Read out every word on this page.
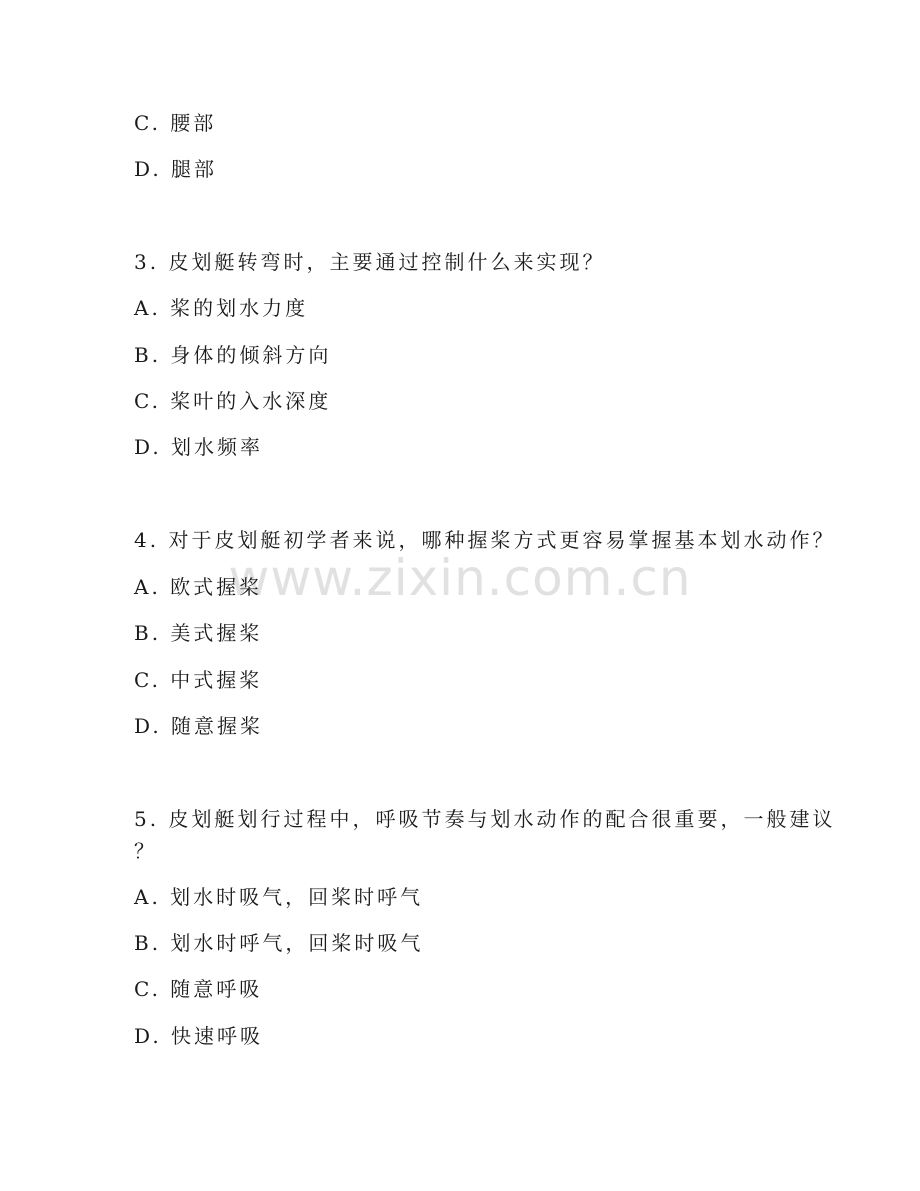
www.zixin.com.cn
C. 腰部
D. 腿部
3. 皮划艇转弯时，主要通过控制什么来实现？
A. 桨的划水力度
B. 身体的倾斜方向
C. 桨叶的入水深度
D. 划水频率
4. 对于皮划艇初学者来说，哪种握桨方式更容易掌握基本划水动作？
A. 欧式握桨
B. 美式握桨
C. 中式握桨
D. 随意握桨
5. 皮划艇划行过程中，呼吸节奏与划水动作的配合很重要，一般建议
？
A. 划水时吸气，回桨时呼气
B. 划水时呼气，回桨时吸气
C. 随意呼吸
D. 快速呼吸
